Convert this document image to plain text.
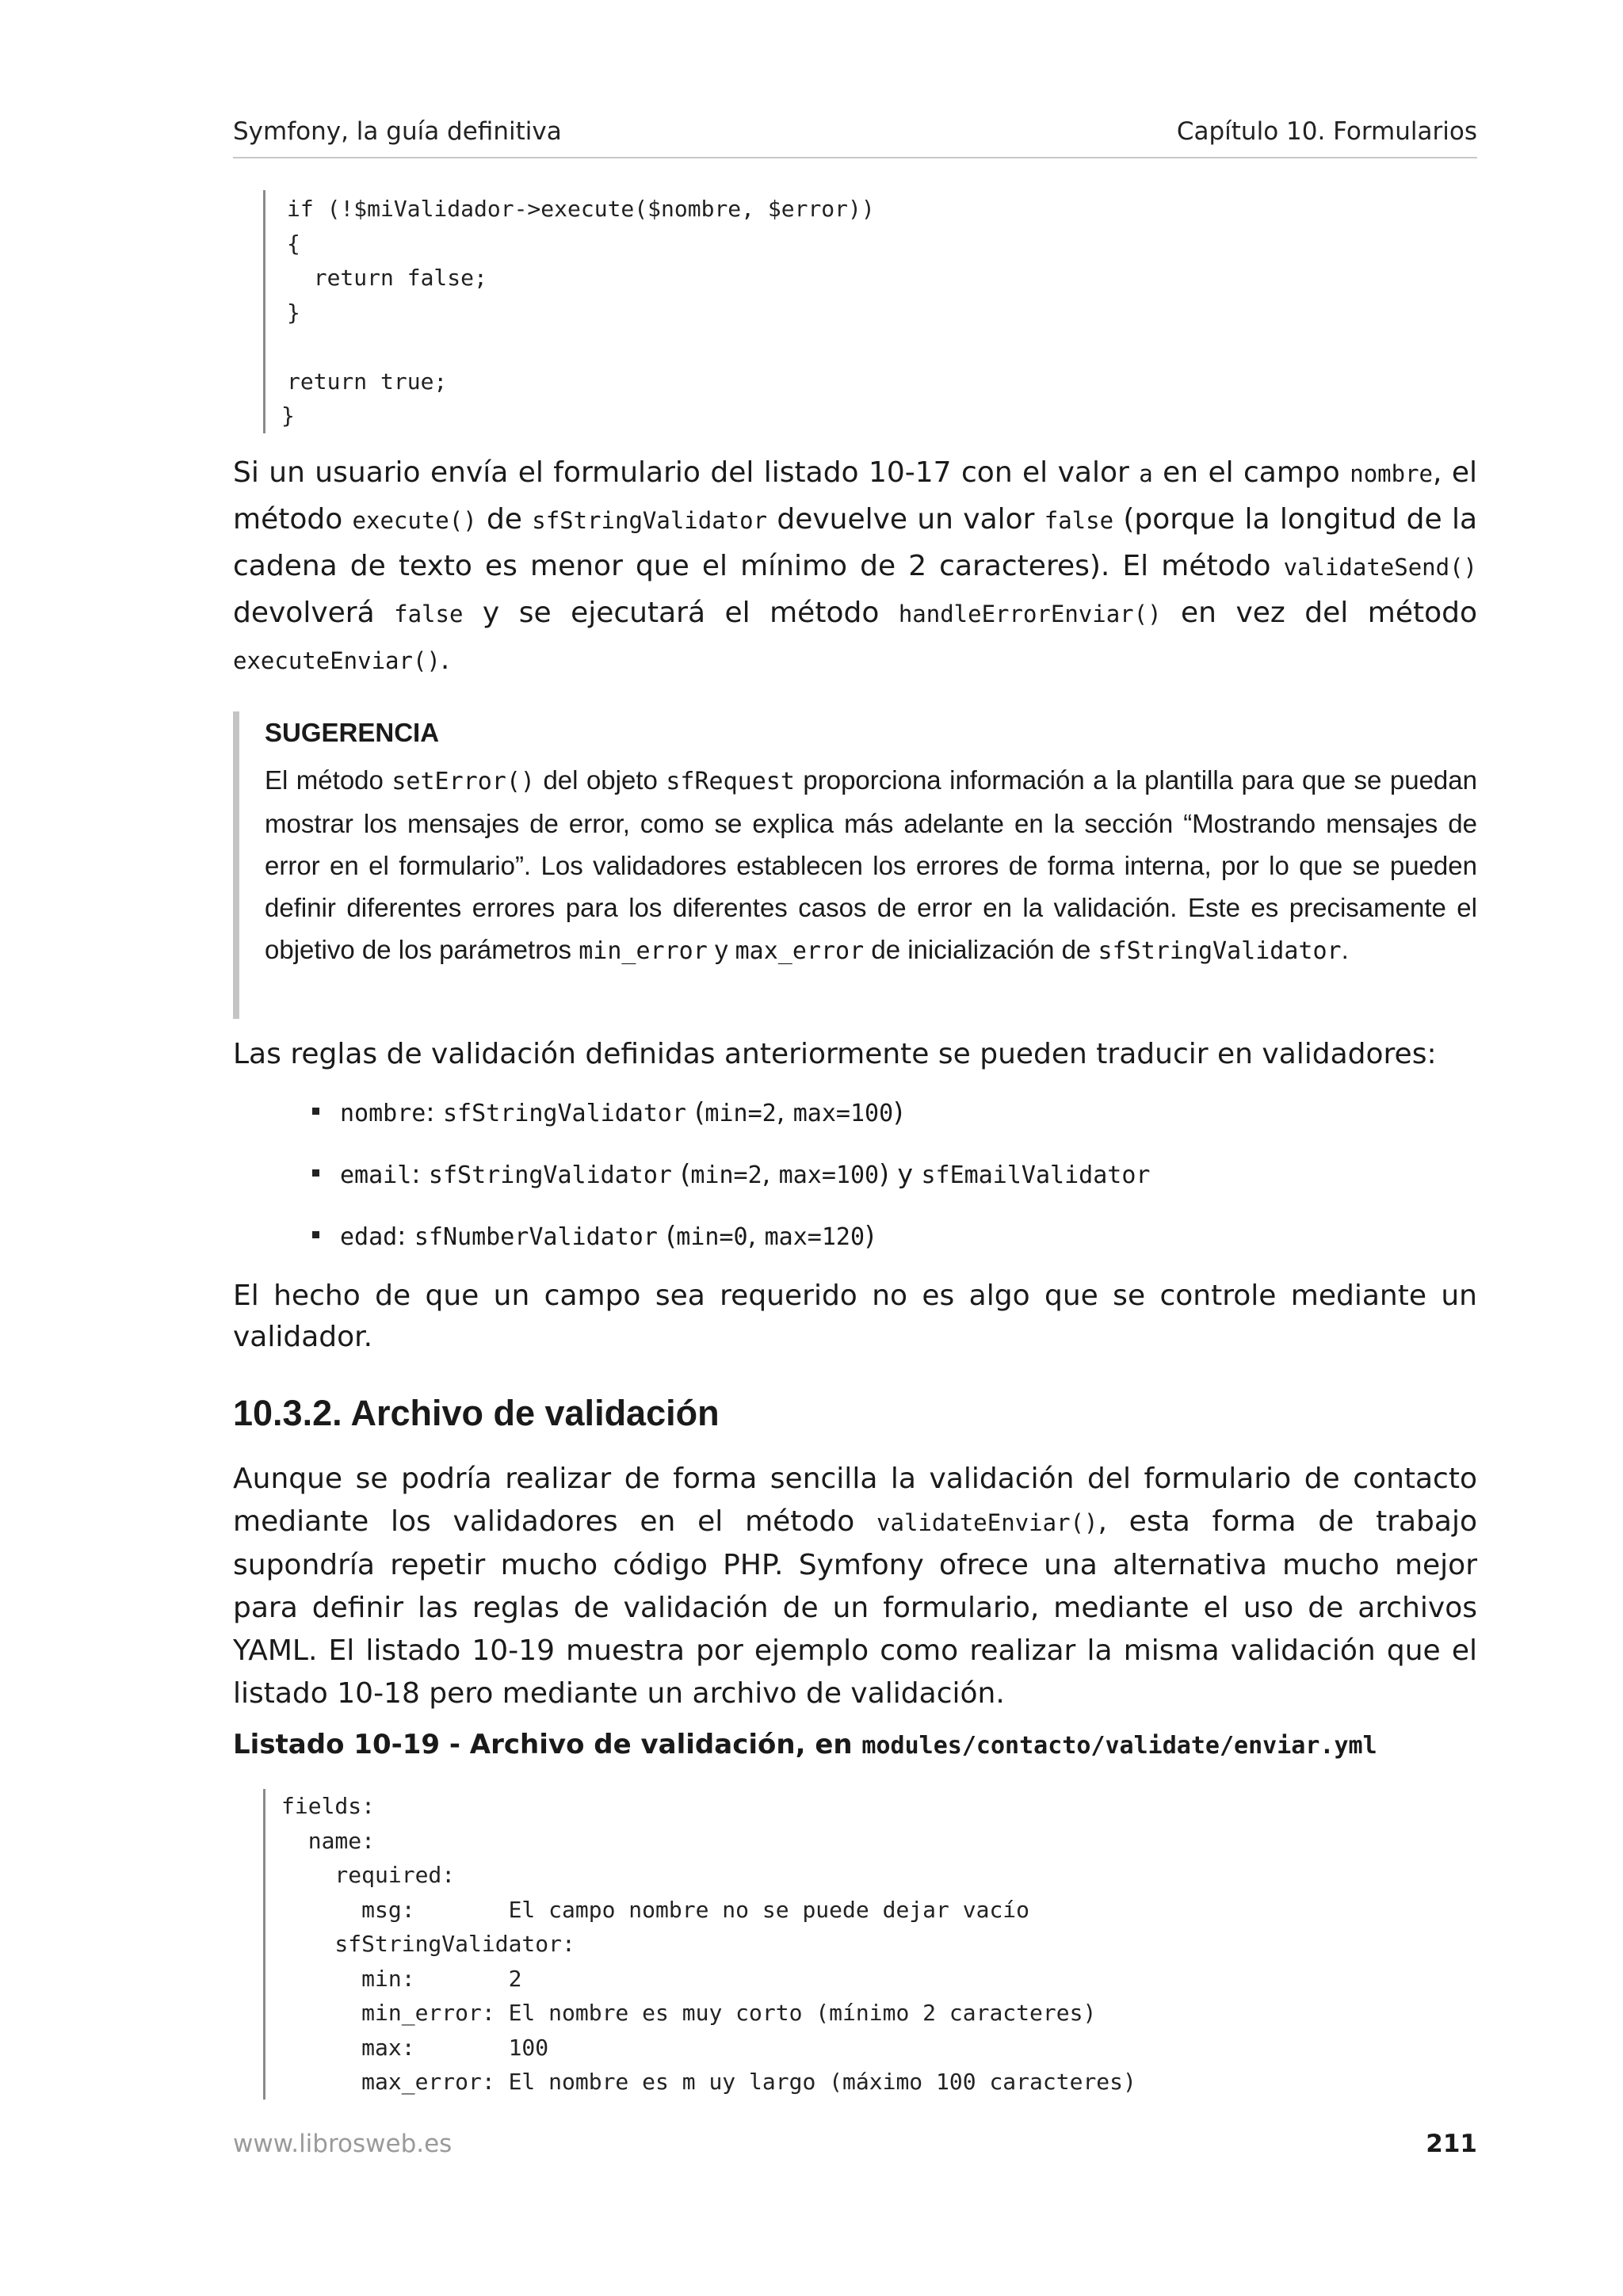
Symfony, la guía definitiva	Capítulo 10. Formularios
if (!$miValidador->execute($nombre, $error))
{
return false;
}
return true;
}
Si un usuario envía el formulario del listado 10-17 con el valor a en el campo nombre, el método execute() de sfStringValidator devuelve un valor false (porque la longitud de la cadena de texto es menor que el mínimo de 2 caracteres). El método validateSend() devolverá false y se ejecutará el método handleErrorEnviar() en vez del método executeEnviar().
SUGERENCIA
El método setError() del objeto sfRequest proporciona información a la plantilla para que se puedan mostrar los mensajes de error, como se explica más adelante en la sección “Mostrando mensajes de error en el formulario”. Los validadores establecen los errores de forma interna, por lo que se pueden definir diferentes errores para los diferentes casos de error en la validación. Este es precisamente el objetivo de los parámetros min_error y max_error de inicialización de sfStringValidator.
Las reglas de validación definidas anteriormente se pueden traducir en validadores:
nombre: sfStringValidator (min=2, max=100)
email: sfStringValidator (min=2, max=100) y sfEmailValidator
edad: sfNumberValidator (min=0, max=120)
El hecho de que un campo sea requerido no es algo que se controle mediante un validador.
10.3.2. Archivo de validación
Aunque se podría realizar de forma sencilla la validación del formulario de contacto mediante los validadores en el método validateEnviar(), esta forma de trabajo supondría repetir mucho código PHP. Symfony ofrece una alternativa mucho mejor para definir las reglas de validación de un formulario, mediante el uso de archivos YAML. El listado 10-19 muestra por ejemplo como realizar la misma validación que el listado 10-18 pero mediante un archivo de validación.
Listado 10-19 - Archivo de validación, en modules/contacto/validate/enviar.yml
fields:
name:
required:
msg:       El campo nombre no se puede dejar vacío
sfStringValidator:
min:       2
min_error: El nombre es muy corto (mínimo 2 caracteres)
max:       100
max_error: El nombre es m uy largo (máximo 100 caracteres)
www.librosweb.es	211
